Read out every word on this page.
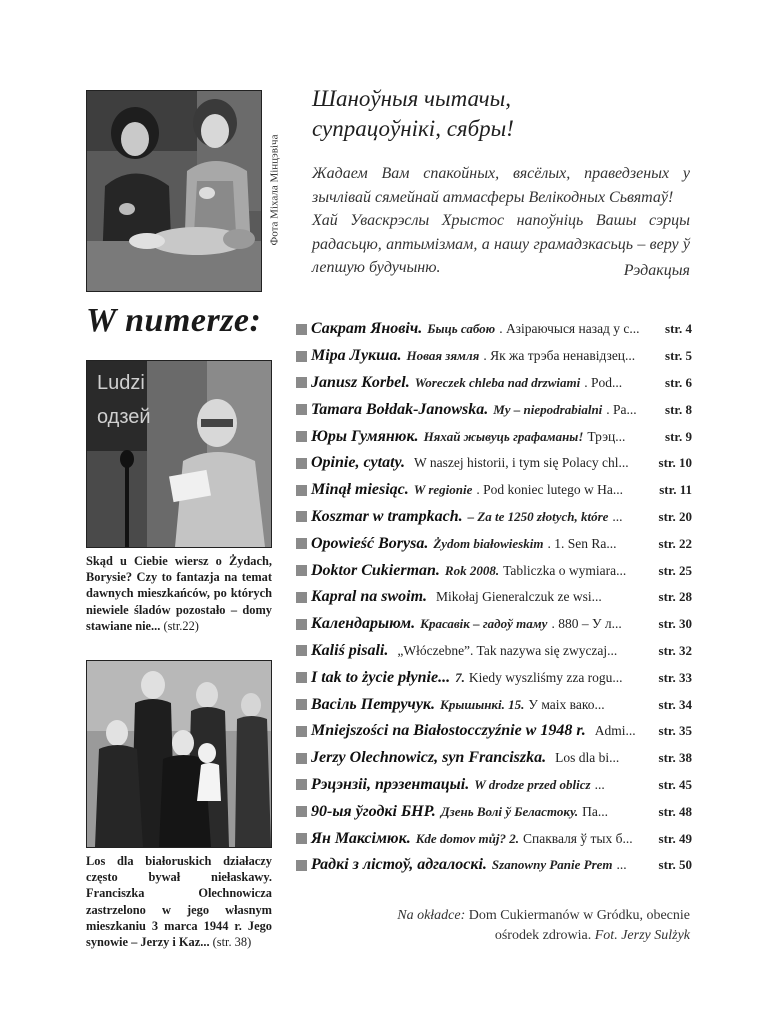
Фота Міхала Мінцэвіча
Шаноўныя чытачы,
супрацоўнікі, сябры!

Жадаем Вам спакойных, вясёлых, праведзеных у зычлівай сямейнай атмасферы Велікодных Сьвятаў!

Хай Уваскрэслы Хрыстос напоўніць Вашы сэрцы радасьцю, аптымізмам, а нашу грамадзкасьць – веру ў лепшую будучыню.	Рэдакцыя
W numerze:
Ludzi
одзей
Skąd u Ciebie wiersz o Żydach, Borysie? Czy to fantazja na temat dawnych mieszkańców, po których niewiele śladów pozostało – domy stawiane nie... (str.22)
Los dla białoruskich działaczy często bywał niełaskawy. Franciszka Olechnowicza zastrzelono w jego własnym mieszkaniu 3 marca 1944 r. Jego synowie – Jerzy i Kaz... (str. 38)
Сакрат Яновіч. Быць сабою . Азіраючыся назад у с...	str. 4
Міра Лукша. Новая зямля . Як жа трэба ненавідзец...	str. 5
Janusz Korbel. Woreczek chleba nad drzwiami . Pod...	str. 6
Tamara Bołdak-Janowska. My – niepodrabialni . Pa...	str. 8
Юры Гумянюк. Няхай жывуць графаманы! Трэц...	str. 9
Opinie, cytaty. W naszej historii, i tym się Polacy chl...	str. 10
Minął miesiąc. W regionie . Pod koniec lutego w Ha...	str. 11
Koszmar w trampkach. – Za te 1250 złotych, które ...	str. 20
Opowieść Borysa. Żydom białowieskim . 1. Sen Ra...	str. 22
Doktor Cukierman. Rok 2008. Tabliczka o wymiara...	str. 25
Kapral na swoim. Mikołaj Gieneralczuk ze wsi...	str. 28
Календарыюм. Красавік – гадоў таму . 880 – У л...	str. 30
Kaliś pisali. „Włóczebne”. Tak nazywa się zwyczaj...	str. 32
I tak to życie płynie... 7. Kiedy wyszliśmy zza rogu...	str. 33
Васіль Петручук. Крышынкі. 15. У маіх вако...	str. 34
Mniejszości na Białostocczyźnie w 1948 r. Admi...	str. 35
Jerzy Olechnowicz, syn Franciszka. Los dla bi...	str. 38
Рэцэнзіі, прэзентацыі. W drodze przed oblicz ...	str. 45
90-ыя ўгодкі БНР. Дзень Волі ў Беластоку. Па...	str. 48
Ян Максімюк. Kde domov můj? 2. Спакваля ў тых б...	str. 49
Радкі з лістоў, адгалоскі. Szanowny Panie Prem ...	str. 50
Na okładce: Dom Cukiermanów w Gródku, obecnie ośrodek zdrowia. Fot. Jerzy Sulżyk
